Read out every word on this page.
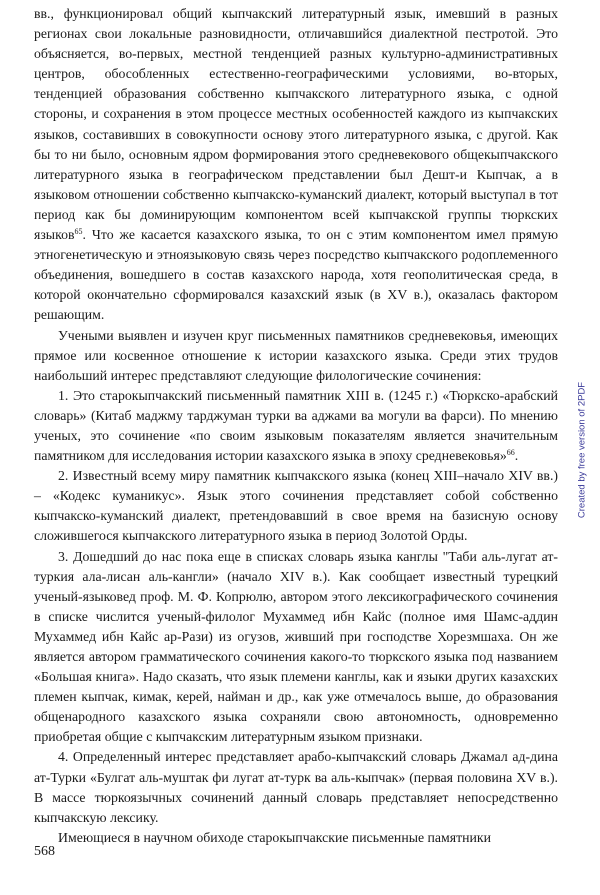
вв., функционировал общий кыпчакский литературный язык, имевший в разных регионах свои локальные разновидности, отличавшийся диалектной пестротой. Это объясняется, во-первых, местной тенденцией разных культурно-административных центров, обособленных естественно-географическими условиями, во-вторых, тенденцией образования собственно кыпчакского литературного языка, с одной стороны, и сохранения в этом процессе местных особенностей каждого из кыпчакских языков, составивших в совокупности основу этого литературного языка, с другой. Как бы то ни было, основным ядром формирования этого средневекового общекыпчакского литературного языка в географическом представлении был Дешт-и Кыпчак, а в языковом отношении собственно кыпчакско-куманский диалект, который выступал в тот период как бы доминирующим компонентом всей кыпчакской группы тюркских языков$^{65}$. Что же касается казахского языка, то он с этим компонентом имел прямую этногенетическую и этноязыковую связь через посредство кыпчакского родоплеменного объединения, вошедшего в состав казахского народа, хотя геополитическая среда, в которой окончательно сформировался казахский язык (в XV в.), оказалась фактором решающим.

Учеными выявлен и изучен круг письменных памятников средневековья, имеющих прямое или косвенное отношение к истории казахского языка. Среди этих трудов наибольший интерес представляют следующие филологические сочинения:

1. Это старокыпчакский письменный памятник XIII в. (1245 г.) «Тюркско-арабский словарь» (Китаб маджму тарджуман турки ва аджами ва могули ва фарси). По мнению ученых, это сочинение «по своим языковым показателям является значительным памятником для исследования истории казахского языка в эпоху средневековья»$^{66}$.

2. Известный всему миру памятник кыпчакского языка (конец XIII–начало XIV вв.) – «Кодекс куманикус». Язык этого сочинения представляет собой собственно кыпчакско-куманский диалект, претендовавший в свое время на базисную основу сложившегося кыпчакского литературного языка в период Золотой Орды.

3. Дошедший до нас пока еще в списках словарь языка канглы "Таби аль-лугат ат-туркия ала-лисан аль-кангли» (начало XIV в.). Как сообщает известный турецкий ученый-языковед проф. М. Ф. Копрюлю, автором этого лексикографического сочинения в списке числится ученый-филолог Мухаммед ибн Кайс (полное имя Шамс-аддин Мухаммед ибн Кайс ар-Рази) из огузов, живший при господстве Хорезмшаха. Он же является автором грамматического сочинения какого-то тюркского языка под названием «Большая книга». Надо сказать, что язык племени канглы, как и языки других казахских племен кыпчак, кимак, керей, найман и др., как уже отмечалось выше, до образования общенародного казахского языка сохраняли свою автономность, одновременно приобретая общие с кыпчакским литературным языком признаки.

4. Определенный интерес представляет арабо-кыпчакский словарь Джамал ад-дина ат-Турки «Булгат аль-муштак фи лугат ат-турк ва аль-кыпчак» (первая половина XV в.). В массе тюркоязычных сочинений данный словарь представляет непосредственно кыпчакскую лексику.

Имеющиеся в научном обиходе старокыпчакские письменные памятники

568
Created by free version of 2PDF
